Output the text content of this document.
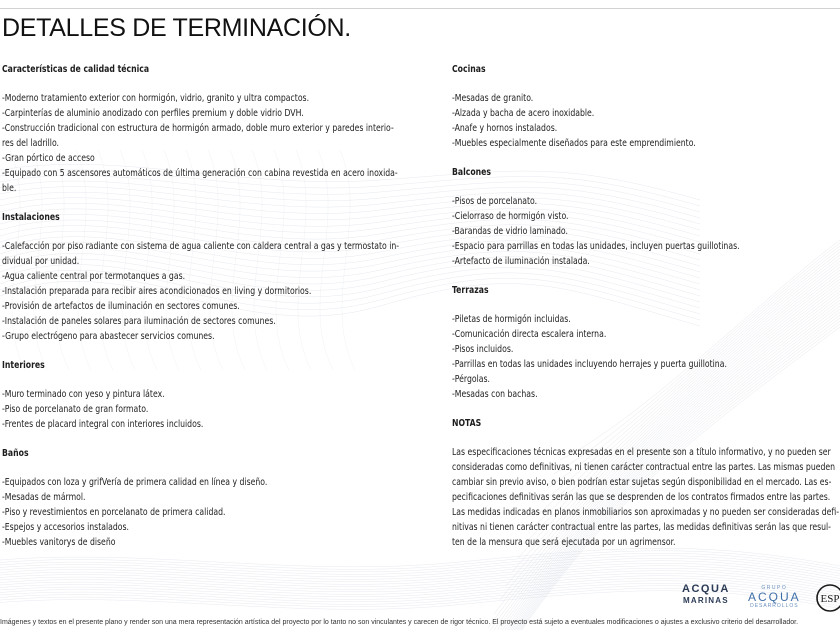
DETALLES DE TERMINACIÓN.
Características de calidad técnica
-Moderno tratamiento exterior con hormigón, vidrio, granito y ultra compactos.
-Carpinterías de aluminio anodizado con perfiles premium y doble vidrio DVH.
-Construcción tradicional con estructura de hormigón armado, doble muro exterior y paredes interio-
res del ladrillo.
-Gran pórtico de acceso
-Equipado con 5 ascensores automáticos de última generación con cabina revestida en acero inoxida-
ble.
Instalaciones
-Calefacción por piso radiante con sistema de agua caliente con caldera central a gas y termostato in-
dividual por unidad.
-Agua caliente central por termotanques a gas.
-Instalación preparada para recibir aires acondicionados en living y dormitorios.
-Provisión de artefactos de iluminación en sectores comunes.
-Instalación de paneles solares para iluminación de sectores comunes.
-Grupo electrógeno para abastecer servicios comunes.
Interiores
-Muro terminado con yeso y pintura látex.
-Piso de porcelanato de gran formato.
-Frentes de placard integral con interiores incluidos.
Baños
-Equipados con loza y grifVería de primera calidad en línea y diseño.
-Mesadas de mármol.
-Piso y revestimientos en porcelanato de primera calidad.
-Espejos y accesorios instalados.
-Muebles vanitorys de diseño
Cocinas
-Mesadas de granito.
-Alzada y bacha de acero inoxidable.
-Anafe y hornos instalados.
-Muebles especialmente diseñados para este emprendimiento.
Balcones
-Pisos de porcelanato.
-Cielorraso de hormigón visto.
-Barandas de vidrio laminado.
-Espacio para parrillas en todas las unidades, incluyen puertas guillotinas.
-Artefacto de iluminación instalada.
Terrazas
-Piletas de hormigón incluidas.
-Comunicación directa escalera interna.
-Pisos incluidos.
-Parrillas en todas las unidades incluyendo herrajes y puerta guillotina.
-Pérgolas.
-Mesadas con bachas.
NOTAS
Las especificaciones técnicas expresadas en el presente son a título informativo, y no pueden ser
consideradas como definitivas, ni tienen carácter contractual entre las partes. Las mismas pueden
cambiar sin previo aviso, o bien podrían estar sujetas según disponibilidad en el mercado. Las es-
pecificaciones definitivas serán las que se desprenden de los contratos firmados entre las partes.
Las medidas indicadas en planos inmobiliarios son aproximadas y no pueden ser consideradas defi-
nitivas ni tienen carácter contractual entre las partes, las medidas definitivas serán las que resul-
ten de la mensura que será ejecutada por un agrimensor.
ACQUA
MARINAS
GRUPO
ACQUA
DESARROLLOS
ESP
Imágenes y textos en el presente plano y render son una mera representación artística del proyecto por lo tanto no son vinculantes y carecen de rigor técnico. El proyecto está sujeto a eventuales modificaciones o ajustes a exclusivo criterio del desarrollador.
